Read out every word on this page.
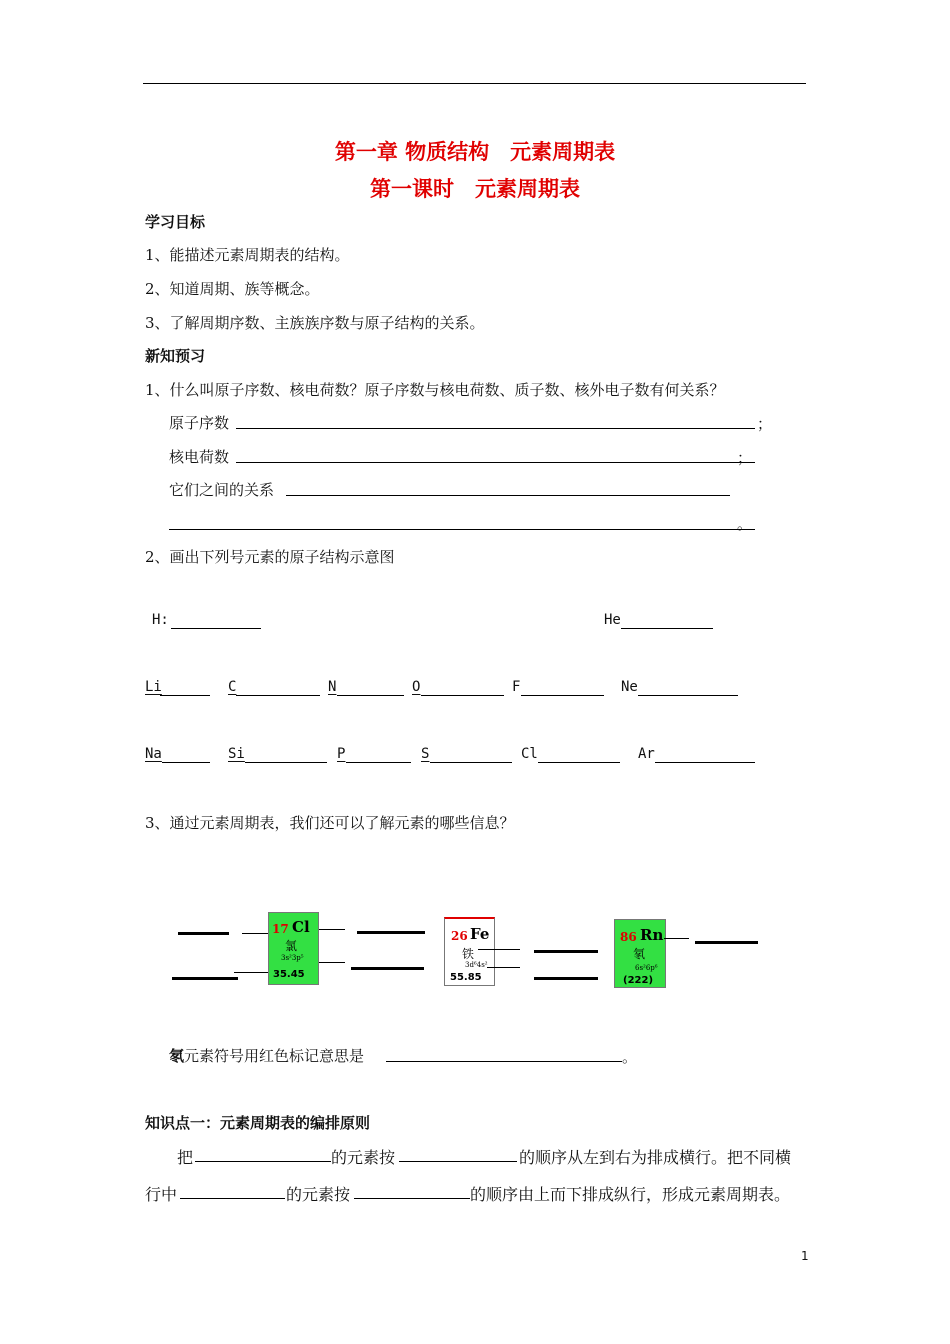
第一章 物质结构　元素周期表
第一课时　元素周期表
学习目标
1、能描述元素周期表的结构。
2、知道周期、族等概念。
3、了解周期序数、主族族序数与原子结构的关系。
新知预习
1、什么叫原子序数、核电荷数？原子序数与核电荷数、质子数、核外电子数有何关系？
原子序数	；
核电荷数	；
它们之间的关系
。
2、画出下列号元素的原子结构示意图
H:	He
Li	C	N	O	F	Ne
Na	Si	P	S	Cl	Ar
3、通过元素周期表，我们还可以了解元素的哪些信息？
17 Cl
氯
3s²3p⁵
35.45
26 Fe
铁
3d⁶4s²
55.85
86 Rn
氡
6s²6p⁶
(222)
氡元素符号用红色标记意思是	。
知识点一：元素周期表的编排原则
把	的元素按	的顺序从左到右为排成横行。把不同横
行中	的元素按	的顺序由上而下排成纵行，形成元素周期表。
1
